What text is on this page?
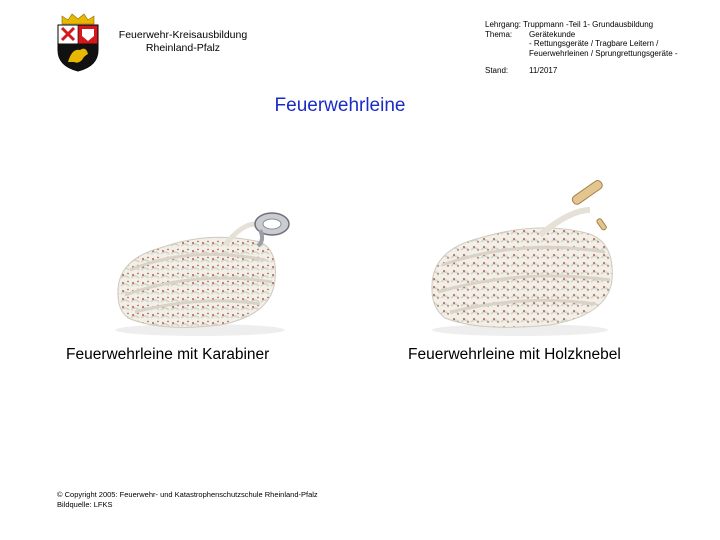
Feuerwehr-Kreisausbildung
Rheinland-Pfalz
Lehrgang: Truppmann -Teil 1- Grundausbildung
Thema: Gerätekunde
- Rettungsgeräte / Tragbare Leitern /
Feuerwehrleinen / Sprungrettungsgeräte -
Stand:	11/2017
Feuerwehrleine
Feuerwehrleine mit Karabiner	Feuerwehrleine mit Holzknebel
© Copyright 2005: Feuerwehr- und Katastrophenschutzschule Rheinland-Pfalz
Bildquelle: LFKS
